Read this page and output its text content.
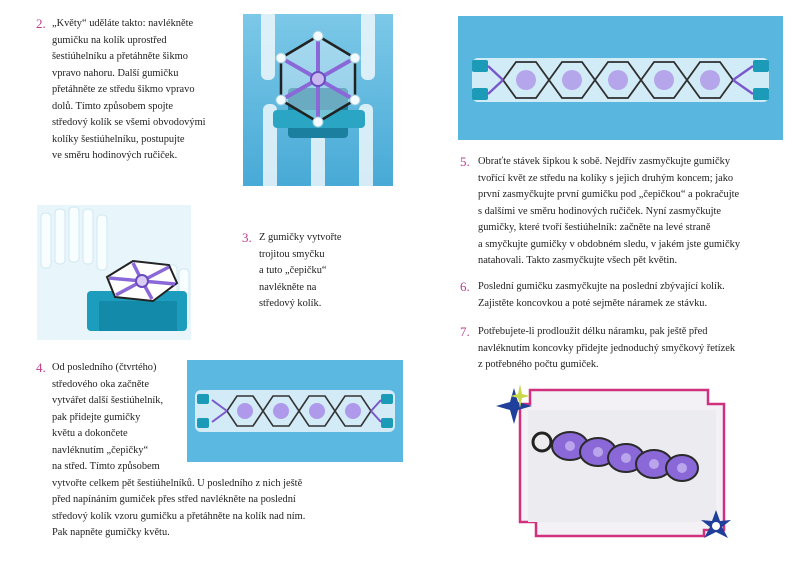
2. „Květy“ uděláte takto: navlékněte
gumičku na kolík uprostřed
šestiúhelníku a přetáhněte šikmo
vpravo nahoru. Další gumičku
přetáhněte ze středu šikmo vpravo
dolů. Tímto způsobem spojte
středový kolík se všemi obvodovými
kolíky šestiúhelníku, postupujte
ve směru hodinových ručiček.
3. Z gumičky vytvořte
trojitou smyčku
a tuto „čepičku“
navlékněte na
středový kolík.
4. Od posledního (čtvrtého)
středového oka začněte
vytvářet další šestiúhelník,
pak přidejte gumičky
květu a dokončete
navléknutím „čepičky“
na střed. Tímto způsobem
vytvořte celkem pět šestiúhelníků. U posledního z nich ještě
před napínáním gumiček přes střed navlékněte na poslední
středový kolík vzoru gumičku a přetáhněte na kolík nad ním.
Pak napněte gumičky květu.
5. Obraťte stávek šipkou k sobě. Nejdřív zasmyčkujte gumičky
tvořící květ ze středu na kolíky s jejich druhým koncem; jako
první zasmyčkujte první gumičku pod „čepičkou“ a pokračujte
s dalšími ve směru hodinových ručiček. Nyní zasmyčkujte
gumičky, které tvoří šestiúhelník: začněte na levé straně
a smyčkujte gumičky v obdobném sledu, v jakém jste gumičky
natahovali. Takto zasmyčkujte všech pět květin.
6. Poslední gumičku zasmyčkujte na poslední zbývající kolík.
Zajistěte koncovkou a poté sejměte náramek ze stávku.
7. Potřebujete-li prodloužit délku náramku, pak ještě před
navléknutím koncovky přidejte jednoduchý smyčkový řetízek
z potřebného počtu gumiček.
